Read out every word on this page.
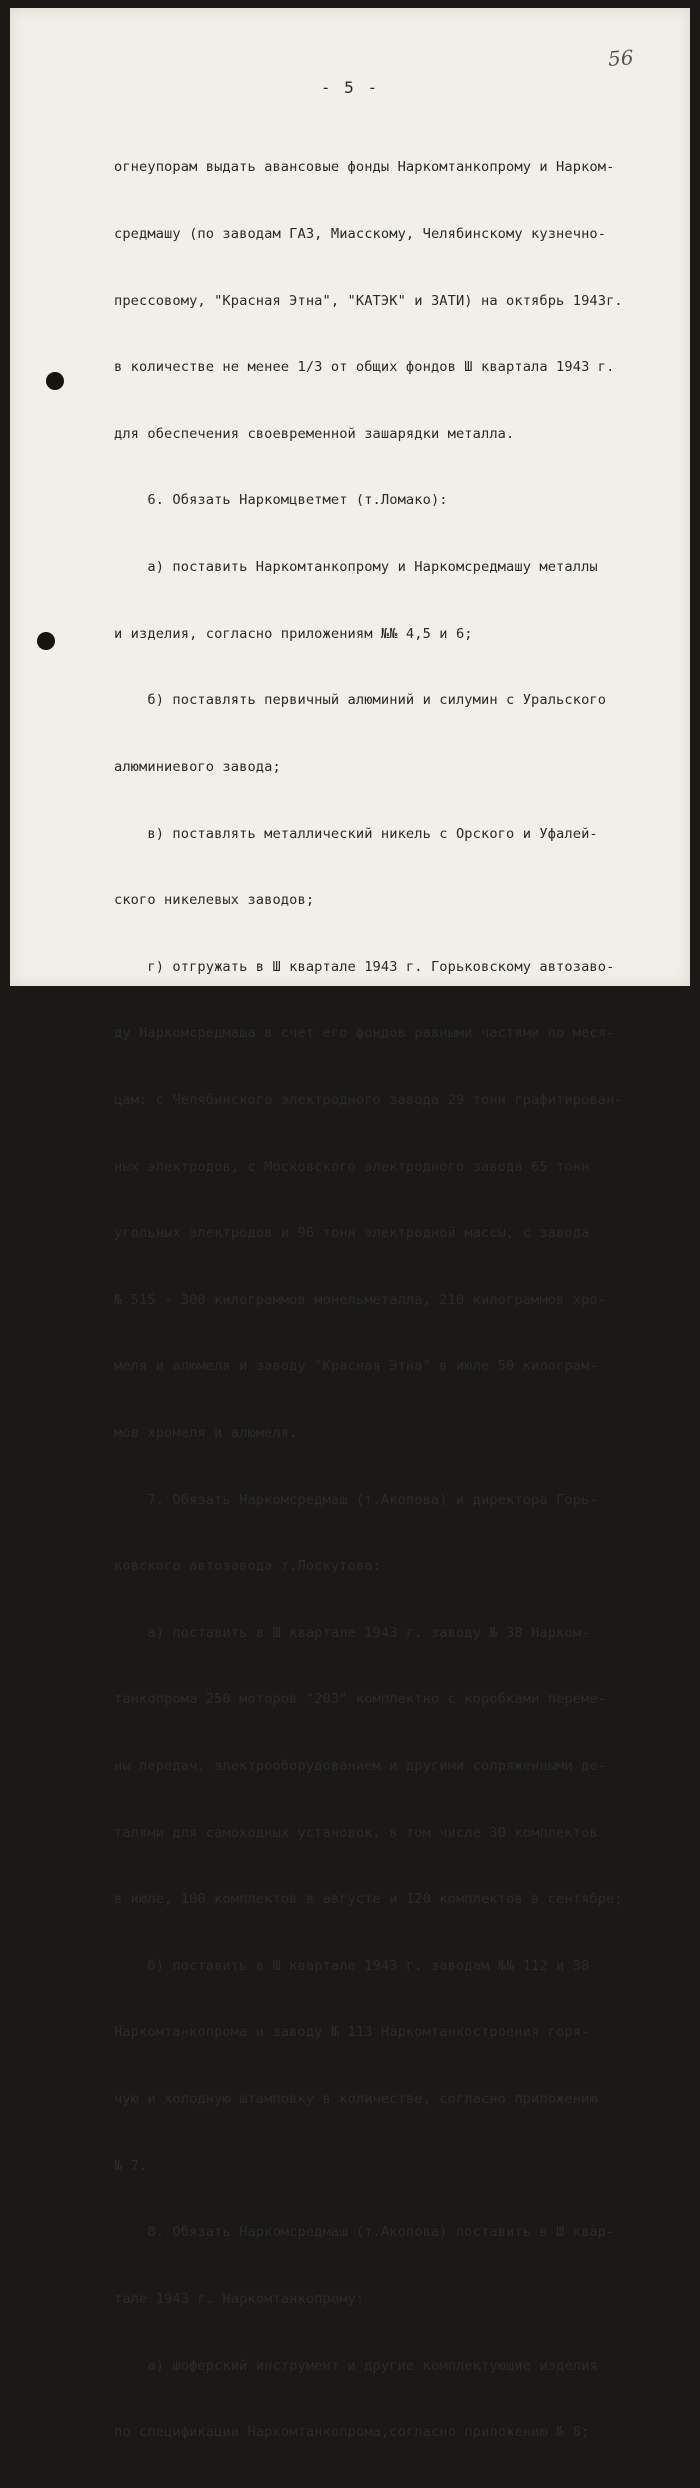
56
- 5 -

огнеупорам выдать авансовые фонды Наркомтанкопрому и Нарком-

средмашу (по заводам ГАЗ, Миасскому, Челябинскому кузнечно-

прессовому, "Красная Этна", "КАТЭК" и ЗАТИ) на октябрь 1943г.

в количестве не менее 1/3 от общих фондов Ш квартала 1943 г.

для обеспечения своевременной зашарядки металла.

6. Обязать Наркомцветмет (т.Ломако):

а) поставить Наркомтанкопрому и Наркомсредмашу металлы

и изделия, согласно приложениям №№ 4,5 и 6;

б) поставлять первичный алюминий и силумин с Уральского

алюминиевого завода;

в) поставлять металлический никель с Орского и Уфалей-

ского никелевых заводов;

г) отгружать в Ш квартале 1943 г. Горьковскому автозаво-

ду Наркомсредмаша в счет его фондов равными частями по меся-

цам: с Челябинского электродного завода 29 тонн графитирован-

ных электродов, с Московского электродного завода 65 тонн

угольных электродов и 96 тонн электродной массы, с завода

№ 515 - 300 килограммов монельметалла, 210 килограммов хро-

меля и алюмеля и заводу "Красная Этна" в июле 50 килограм-

мов хромеля и алюмеля.

7. Обязать Наркомсредмаш (т.Акопова) и директора Горь-

ковского автозавода т.Лоскутова:

а) поставить в Ш квартале 1943 г. заводу № 38 Нарком-

танкопрома 250 моторов "203" комплектно с коробками переме-

ны передач, электрооборудованием и другими сопряженными де-

талями для самоходных установок, в том числе 30 комплектов

в июле, 100 комплектов в августе и 120 комплектов в сентябре;

б) поставить в Ш квартале 1943 г. заводам №№ 112 и 38

Наркомтанкопрома и заводу № 113 Наркомтанкостроения горя-

чую и холодную штамповку в количестве, согласно приложению

№ 7.

8. Обязать Наркомсредмаш (т.Акопова) поставить в Ш квар-

тале 1943 г. Наркомтанкопрому:

а) шоферский инструмент и другие комплектующие изделия

по спецификации Наркомтанкопрома,согласно приложению № 8;
